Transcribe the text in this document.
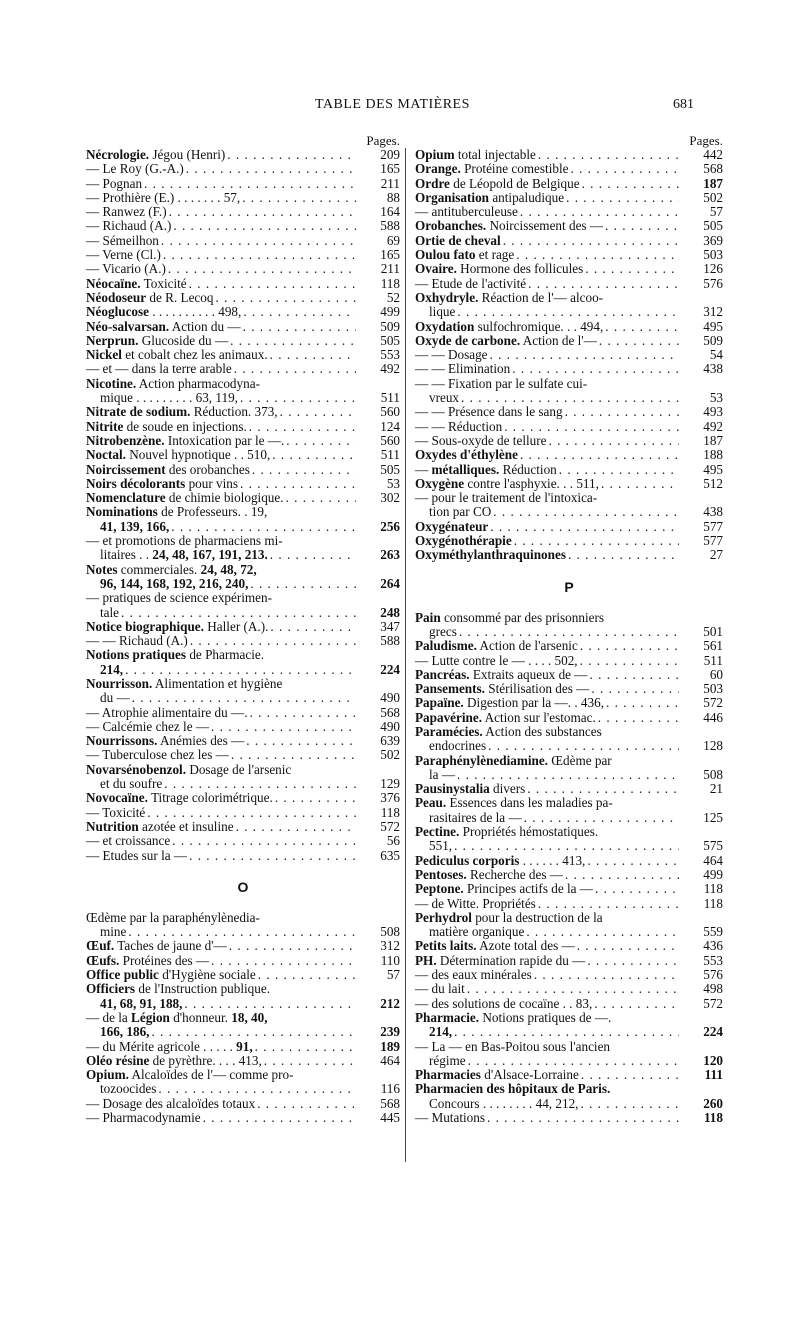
TABLE DES MATIÈRES	681
Pages.
Nécrologie. Jégou (Henri) . . .	209
— Le Roy (G.-A.) . . .	165
— Pognan . . .	211
— Prothière (E.) . . . . . . . 57, . . .	88
— Ranwez (F.) . . .	164
— Richaud (A.) . . .	588
— Sémeilhon . . .	69
— Verne (Cl.) . . .	165
— Vicario (A.) . . .	211
Néocaïne. Toxicité . . .	118
Néodoseur de R. Lecoq . . .	52
Néoglucose . . . . . . . . . . 498, . . .	499
Néo-salvarsan. Action du — . . .	509
Nerprun. Glucoside du — . . .	505
Nickel et cobalt chez les animaux. . . .	553
— et — dans la terre arable . . .	492
Nicotine. Action pharmacodyna-
mique . . . . . . . . . 63, 119, . . .	511
Nitrate de sodium. Réduction. 373, . . .	560
Nitrite de soude en injections. . . .	124
Nitrobenzène. Intoxication par le —. . . .	560
Noctal. Nouvel hypnotique . . 510, . . .	511
Noircissement des orobanches . . .	505
Noirs décolorants pour vins . . .	53
Nomenclature de chimie biologique. . . .	302
Nominations de Professeurs. . 19,
41, 139, 166, . . .	256
— et promotions de pharmaciens mi-
litaires . . 24, 48, 167, 191, 213. . . .	263
Notes commerciales. 24, 48, 72,
96, 144, 168, 192, 216, 240, . . .	264
— pratiques de science expérimen-
tale . . .	248
Notice biographique. Haller (A.). . . .	347
— — Richaud (A.) . . .	588
Notions pratiques de Pharmacie.
214, . . .	224
Nourrisson. Alimentation et hygiène
du — . . .	490
— Atrophie alimentaire du —. . . .	568
— Calcémie chez le — . . .	490
Nourrissons. Anémies des — . . .	639
— Tuberculose chez les — . . .	502
Novarsénobenzol. Dosage de l'arsenic
et du soufre . . .	129
Novocaïne. Titrage colorimétrique. . . .	376
— Toxicité . . .	118
Nutrition azotée et insuline . . .	572
— et croissance . . .	56
— Etudes sur la — . . .	635
O
Œdème par la paraphénylènedia-
mine . . .	508
Œuf. Taches de jaune d'— . . .	312
Œufs. Protéines des — . . .	110
Office public d'Hygiène sociale . . .	57
Officiers de l'Instruction publique.
41, 68, 91, 188, . . .	212
— de la Légion d'honneur. 18, 40,
166, 186, . . .	239
— du Mérite agricole . . . . . 91, . . .	189
Oléo résine de pyrèthre. . . . 413, . . .	464
Opium. Alcaloïdes de l'— comme pro-
tozoocides . . .	116
— Dosage des alcaloïdes totaux . . .	568
— Pharmacodynamie . . .	445
Pages.
Opium total injectable . . .	442
Orange. Protéine comestible . . .	568
Ordre de Léopold de Belgique . . .	187
Organisation antipaludique . . .	502
— antituberculeuse . . .	57
Orobanches. Noircissement des — . . .	505
Ortie de cheval . . .	369
Oulou fato et rage . . .	503
Ovaire. Hormone des follicules . . .	126
— Etude de l'activité . . .	576
Oxhydryle. Réaction de l'— alcoo-
lique . . .	312
Oxydation sulfochromique. . . 494, . . .	495
Oxyde de carbone. Action de l'— . . .	509
— — Dosage . . .	54
— — Elimination . . .	438
— — Fixation par le sulfate cui-
vreux . . .	53
— — Présence dans le sang . . .	493
— — Réduction . . .	492
— Sous-oxyde de tellure . . .	187
Oxydes d'éthylène . . .	188
— métalliques. Réduction . . .	495
Oxygène contre l'asphyxie. . . 511, . . .	512
— pour le traitement de l'intoxica-
tion par CO . . .	438
Oxygénateur . . .	577
Oxygénothérapie . . .	577
Oxyméthylanthraquinones . . .	27
P
Pain consommé par des prisonniers
grecs . . .	501
Paludisme. Action de l'arsenic . . .	561
— Lutte contre le — . . . . 502, . . .	511
Pancréas. Extraits aqueux de — . . .	60
Pansements. Stérilisation des — . . .	503
Papaïne. Digestion par la —. . 436, . . .	572
Papavérine. Action sur l'estomac. . . .	446
Paramécies. Action des substances
endocrines . . .	128
Paraphénylènediamine. Œdème par
la — . . .	508
Pausinystalia divers . . .	21
Peau. Essences dans les maladies pa-
rasitaires de la — . . .	125
Pectine. Propriétés hémostatiques.
551, . . .	575
Pediculus corporis . . . . . . 413, . . .	464
Pentoses. Recherche des — . . .	499
Peptone. Principes actifs de la — . . .	118
— de Witte. Propriétés . . .	118
Perhydrol pour la destruction de la
matière organique . . .	559
Petits laits. Azote total des — . . .	436
PH. Détermination rapide du — . . .	553
— des eaux minérales . . .	576
— du lait . . .	498
— des solutions de cocaïne . . 83, . . .	572
Pharmacie. Notions pratiques de —.
214, . . .	224
— La — en Bas-Poitou sous l'ancien
régime . . .	120
Pharmacies d'Alsace-Lorraine . . .	111
Pharmacien des hôpitaux de Paris.
Concours . . . . . . . . 44, 212, . . .	260
— Mutations . . .	118
